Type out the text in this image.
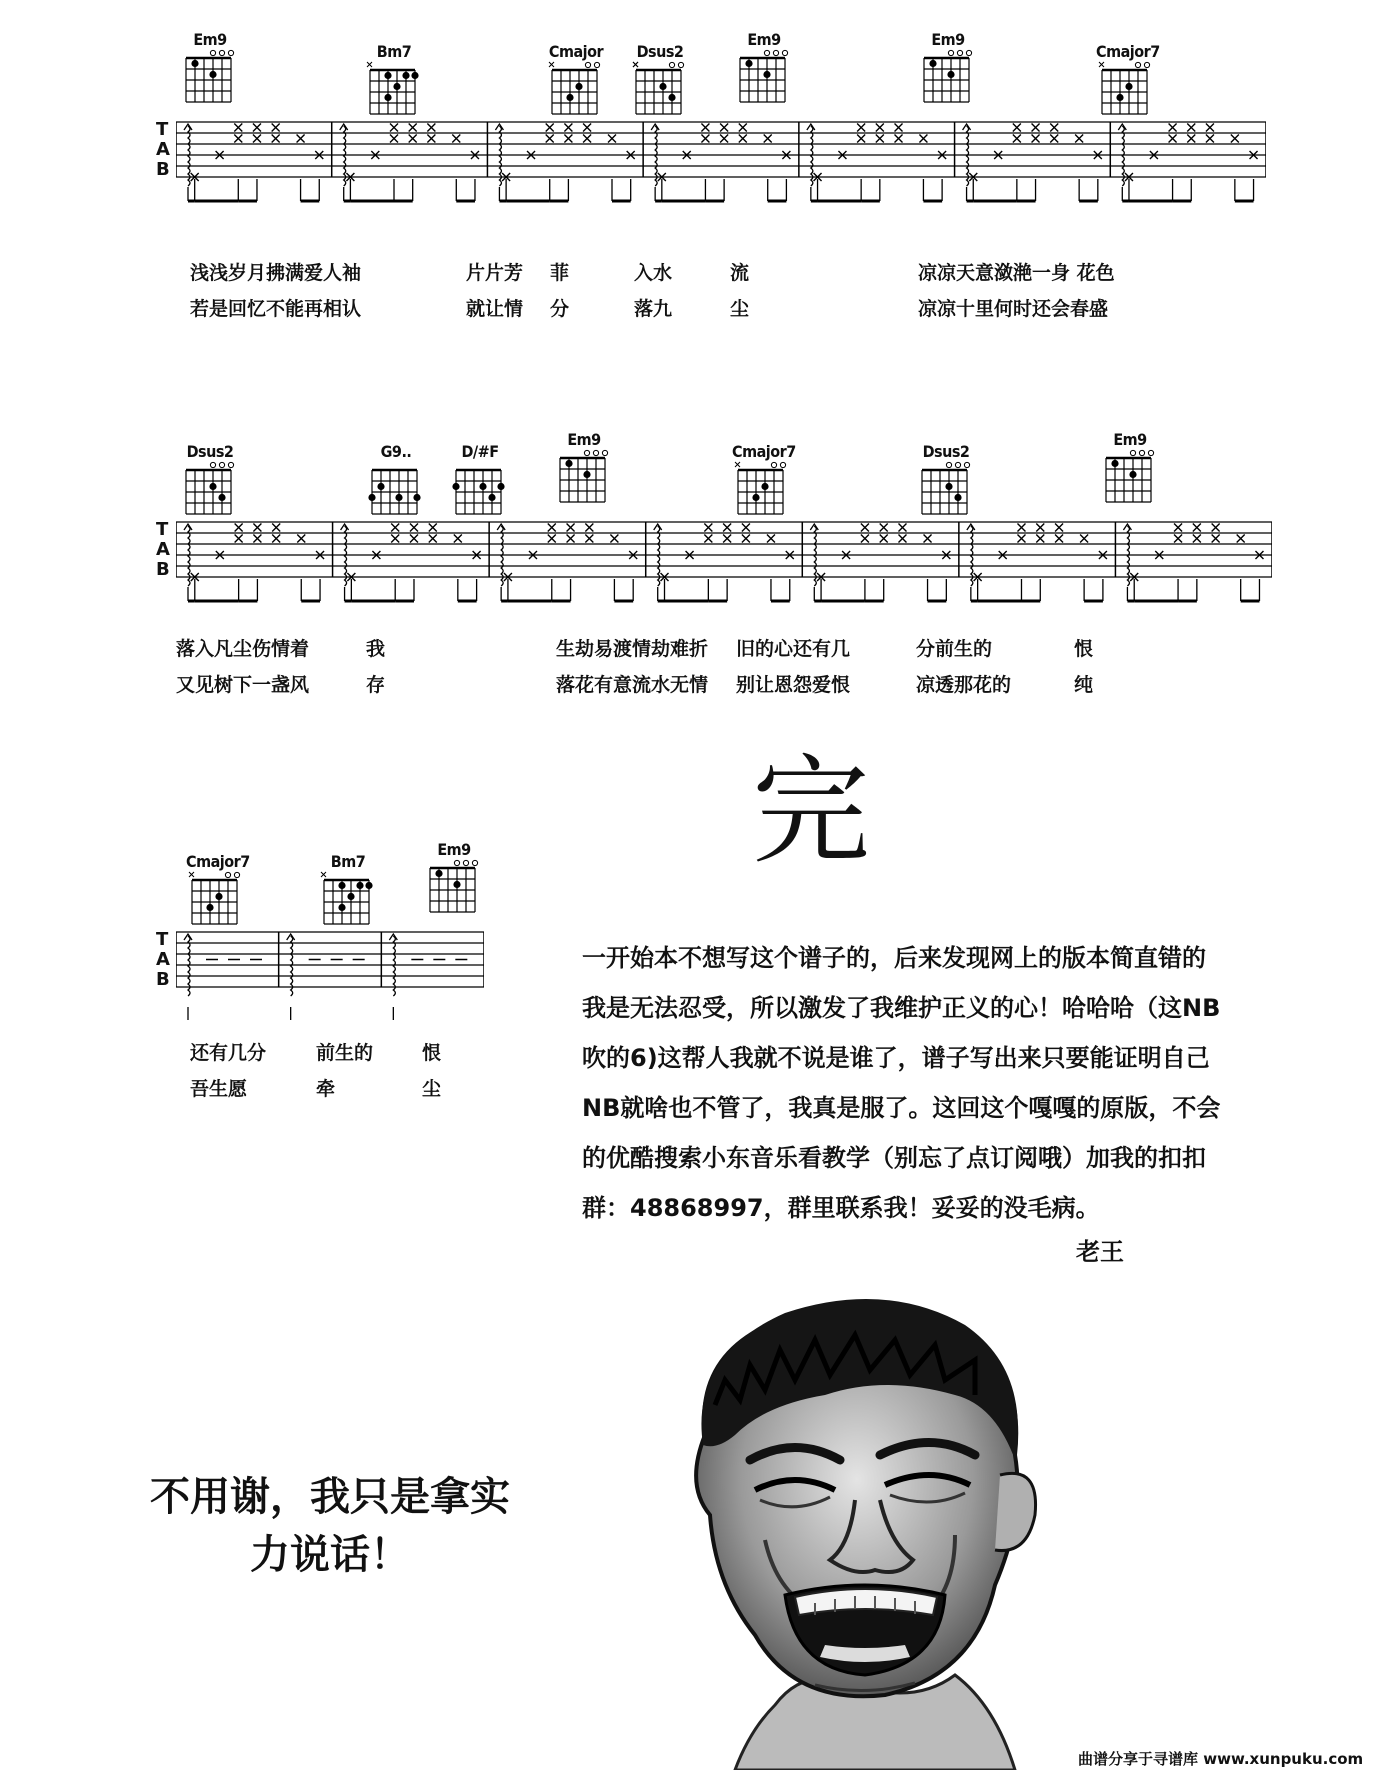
Em9
Bm7	Cmajor	Dsus2
Em9	Em9
Cmajor7
T
A
B
浅浅岁月拂满爱人袖	片片芳 菲	入水	流	凉凉天意潋滟一身 花色
若是回忆不能再相认	就让情 分	落九	尘	凉凉十里何时还会春盛
Dsus2	G9..	D/#F
Em9
Cmajor7	Dsus2
Em9
T
A
B
落入凡尘伤情着	我	生劫易渡情劫难折 旧的心还有几	分前生的	恨
又见树下一盏风	存	落花有意流水无情 别让恩怨爱恨	凉透那花的	纯
完
Cmajor7	Bm7
Em9
T
A
B
还有几分	前生的	恨
吾生愿	牵	尘
一开始本不想写这个谱子的，后来发现网上的版本简直错的
我是无法忍受，所以激发了我维护正义的心！哈哈哈（这NB
吹的6)这帮人我就不说是谁了，谱子写出来只要能证明自己
NB就啥也不管了，我真是服了。这回这个嘎嘎的原版，不会
的优酷搜索小东音乐看教学（别忘了点订阅哦）加我的扣扣
群：48868997，群里联系我！妥妥的没毛病。
老王
不用谢，我只是拿实
力说话！
曲谱分享于寻谱库 www.xunpuku.com
